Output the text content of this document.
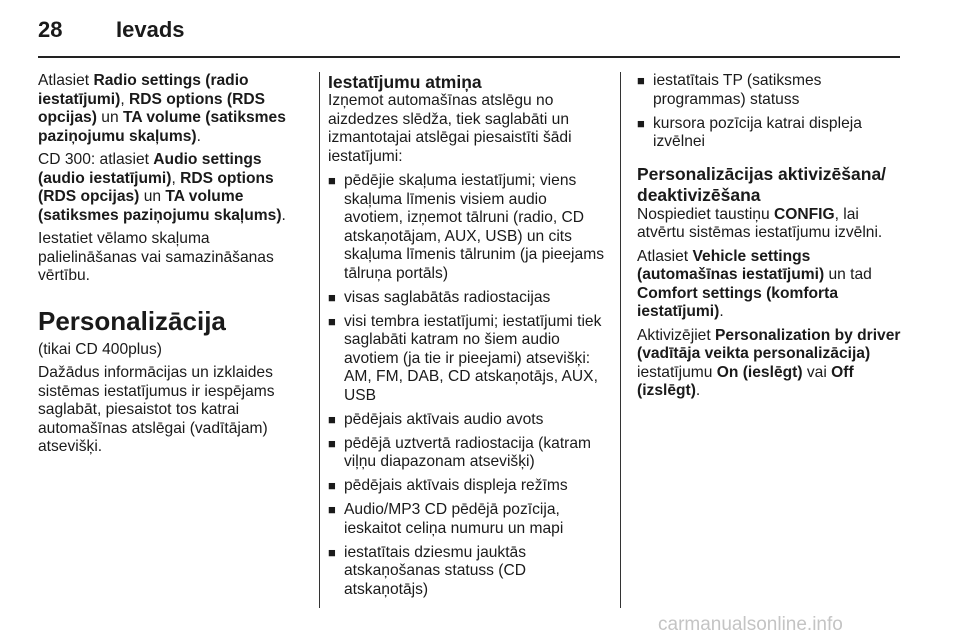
28 Ievads

Atlasiet Radio settings (radio iestatījumi), RDS options (RDS opcijas) un TA volume (satiksmes paziņojumu skaļums).

CD 300: atlasiet Audio settings (audio iestatījumi), RDS options (RDS opcijas) un TA volume (satiksmes paziņojumu skaļums).

Iestatiet vēlamo skaļuma palielināšanas vai samazināšanas vērtību.

Personalizācija

(tikai CD 400plus)

Dažādus informācijas un izklaides sistēmas iestatījumus ir iespējams saglabāt, piesaistot tos katrai automašīnas atslēgai (vadītājam) atsevišķi.

Iestatījumu atmiņa

Izņemot automašīnas atslēgu no aizdedzes slēdža, tiek saglabāti un izmantotajai atslēgai piesaistīti šādi iestatījumi:

■ pēdējie skaļuma iestatījumi; viens skaļuma līmenis visiem audio avotiem, izņemot tālruni (radio, CD atskaņotājam, AUX, USB) un cits skaļuma līmenis tālrunim (ja pieejams tālruņa portāls)
■ visas saglabātās radiostacijas
■ visi tembra iestatījumi; iestatījumi tiek saglabāti katram no šiem audio avotiem (ja tie ir pieejami) atsevišķi: AM, FM, DAB, CD atskaņotājs, AUX, USB
■ pēdējais aktīvais audio avots
■ pēdējā uztvertā radiostacija (katram viļņu diapazonam atsevišķi)
■ pēdējais aktīvais displeja režīms
■ Audio/MP3 CD pēdējā pozīcija, ieskaitot celiņa numuru un mapi
■ iestatītais dziesmu jauktās atskaņošanas statuss (CD atskaņotājs)
■ iestatītais TP (satiksmes programmas) statuss
■ kursora pozīcija katrai displeja izvēlnei
Personalizācijas aktivizēšana/ deaktivizēšana

Nospiediet taustiņu CONFIG, lai atvērtu sistēmas iestatījumu izvēlni.

Atlasiet Vehicle settings (automašīnas iestatījumi) un tad Comfort settings (komforta iestatījumi).

Aktivizējiet Personalization by driver (vadītāja veikta personalizācija) iestatījumu On (ieslēgt) vai Off (izslēgt).

carmanualsonline.info
